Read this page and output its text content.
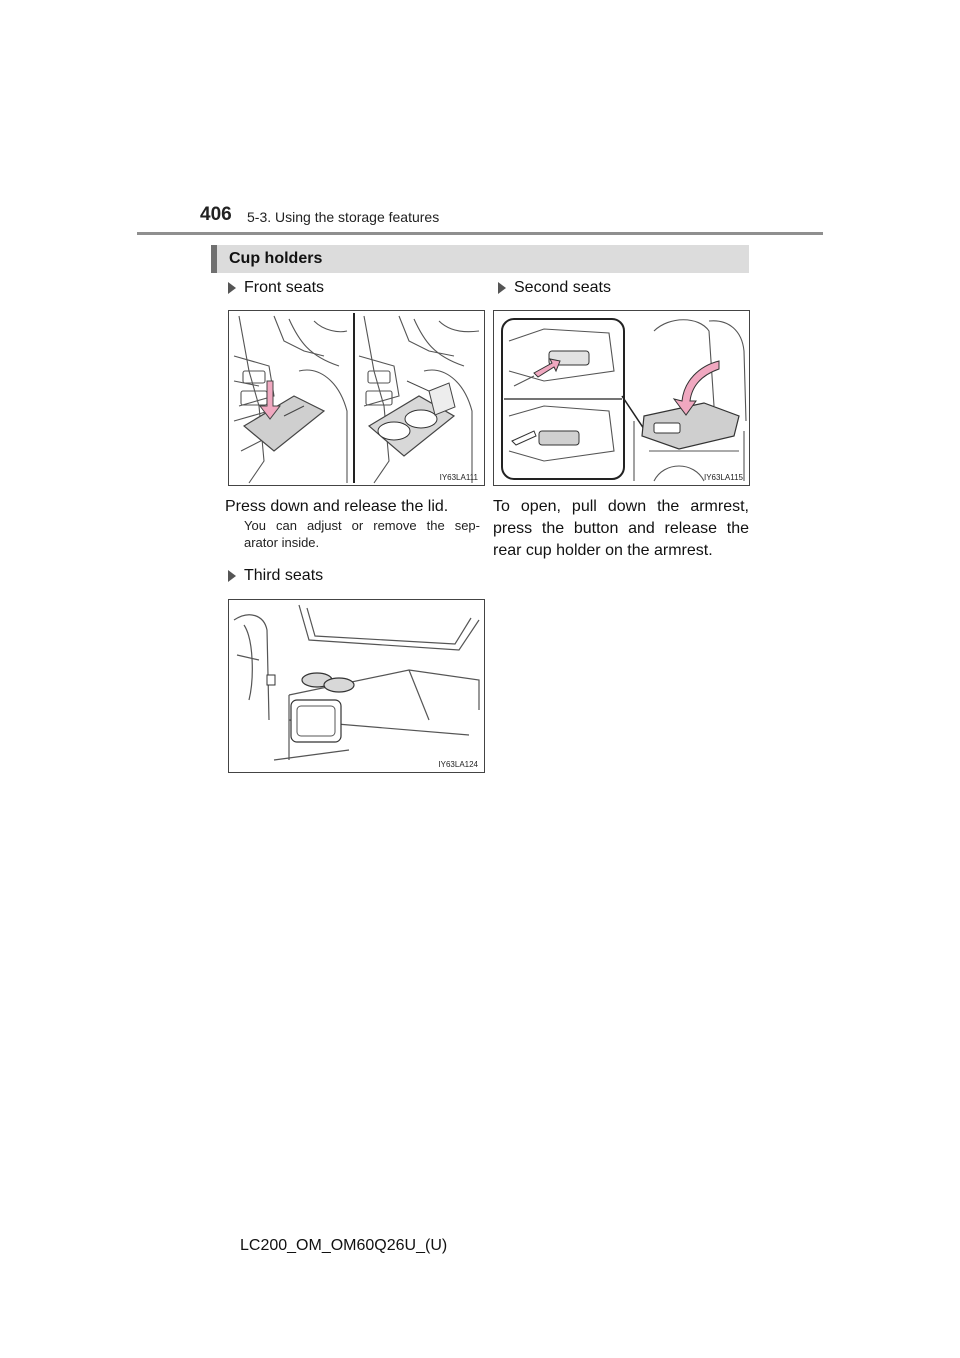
406 5-3. Using the storage features
Cup holders
Front seats	Second seats
IY63LA111	IY63LA115
Press down and release the lid.
You can adjust or remove the sep-
arator inside.
To open, pull down the armrest,
press the button and release the
rear cup holder on the armrest.
Third seats
IY63LA124
LC200_OM_OM60Q26U_(U)
